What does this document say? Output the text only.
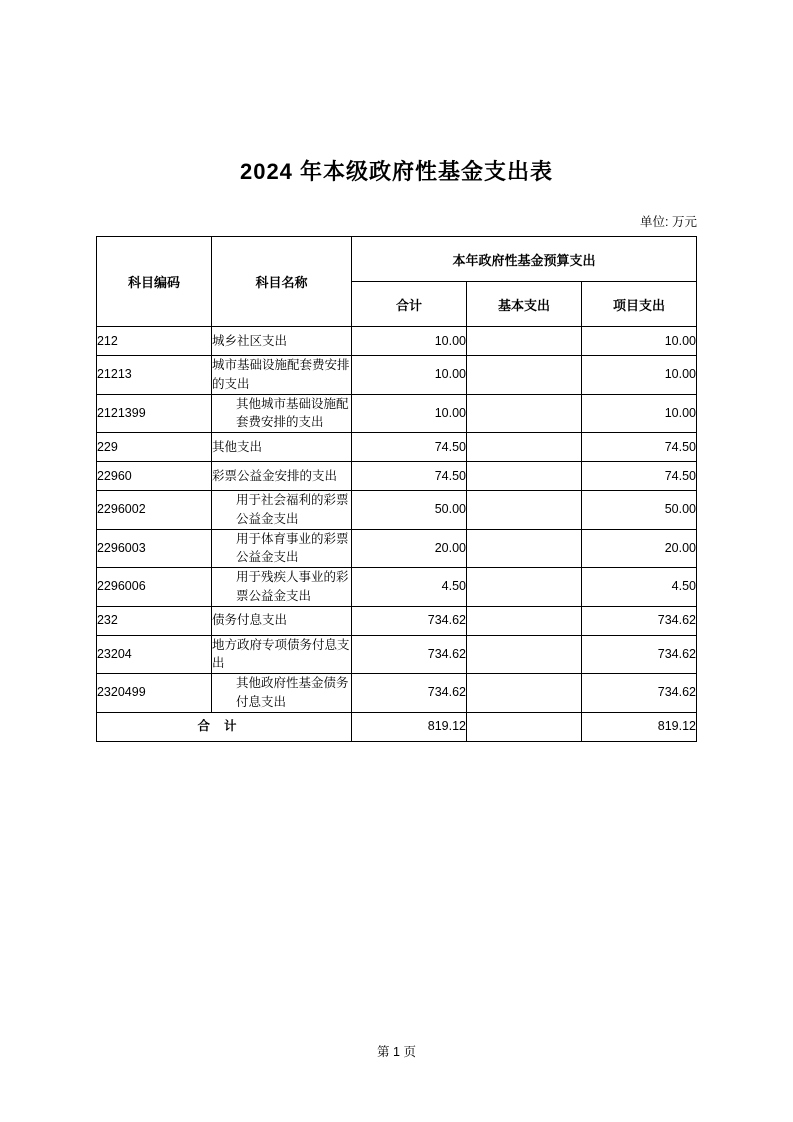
2024 年本级政府性基金支出表
单位: 万元
科目编码	科目名称	本年政府性基金预算支出		
		合计	基本支出	项目支出
212	城乡社区支出	10.00		10.00
21213	城市基础设施配套费安排的支出	10.00		10.00
2121399	其他城市基础设施配套费安排的支出	10.00		10.00
229	其他支出	74.50		74.50
22960	彩票公益金安排的支出	74.50		74.50
2296002	用于社会福利的彩票公益金支出	50.00		50.00
2296003	用于体育事业的彩票公益金支出	20.00		20.00
2296006	用于残疾人事业的彩票公益金支出	4.50		4.50
232	债务付息支出	734.62		734.62
23204	地方政府专项债务付息支出	734.62		734.62
2320499	其他政府性基金债务付息支出	734.62		734.62
合计		819.12		819.12
第 1 页
